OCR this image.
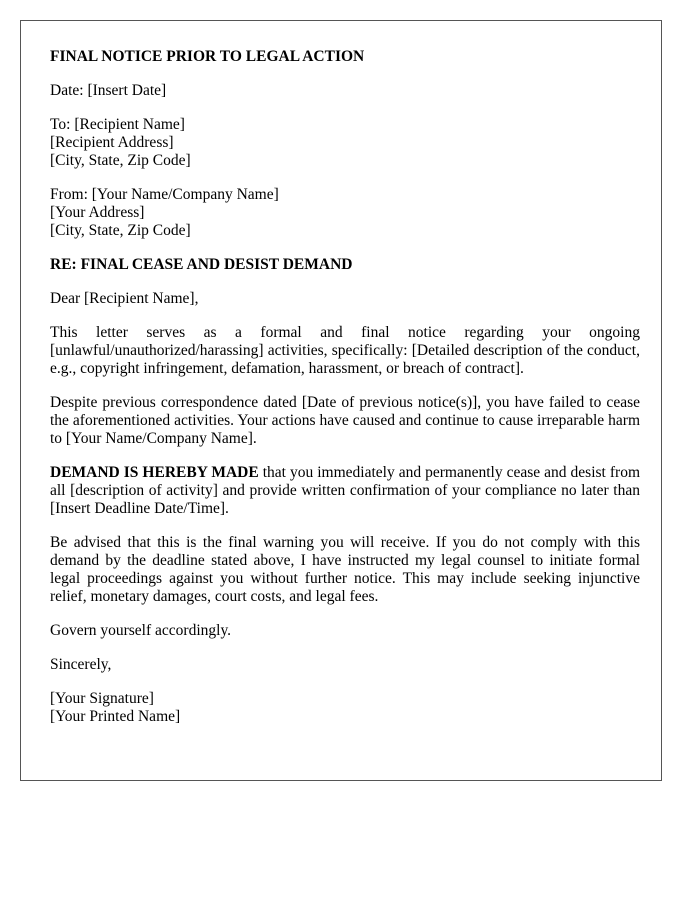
FINAL NOTICE PRIOR TO LEGAL ACTION

Date: [Insert Date]

To: [Recipient Name]
[Recipient Address]
[City, State, Zip Code]

From: [Your Name/Company Name]
[Your Address]
[City, State, Zip Code]

RE: FINAL CEASE AND DESIST DEMAND

Dear [Recipient Name],

This letter serves as a formal and final notice regarding your ongoing [unlawful/unauthorized/harassing] activities, specifically: [Detailed description of the conduct, e.g., copyright infringement, defamation, harassment, or breach of contract].

Despite previous correspondence dated [Date of previous notice(s)], you have failed to cease the aforementioned activities. Your actions have caused and continue to cause irreparable harm to [Your Name/Company Name].

DEMAND IS HEREBY MADE that you immediately and permanently cease and desist from all [description of activity] and provide written confirmation of your compliance no later than [Insert Deadline Date/Time].

Be advised that this is the final warning you will receive. If you do not comply with this demand by the deadline stated above, I have instructed my legal counsel to initiate formal legal proceedings against you without further notice. This may include seeking injunctive relief, monetary damages, court costs, and legal fees.

Govern yourself accordingly.

Sincerely,

[Your Signature]
[Your Printed Name]
